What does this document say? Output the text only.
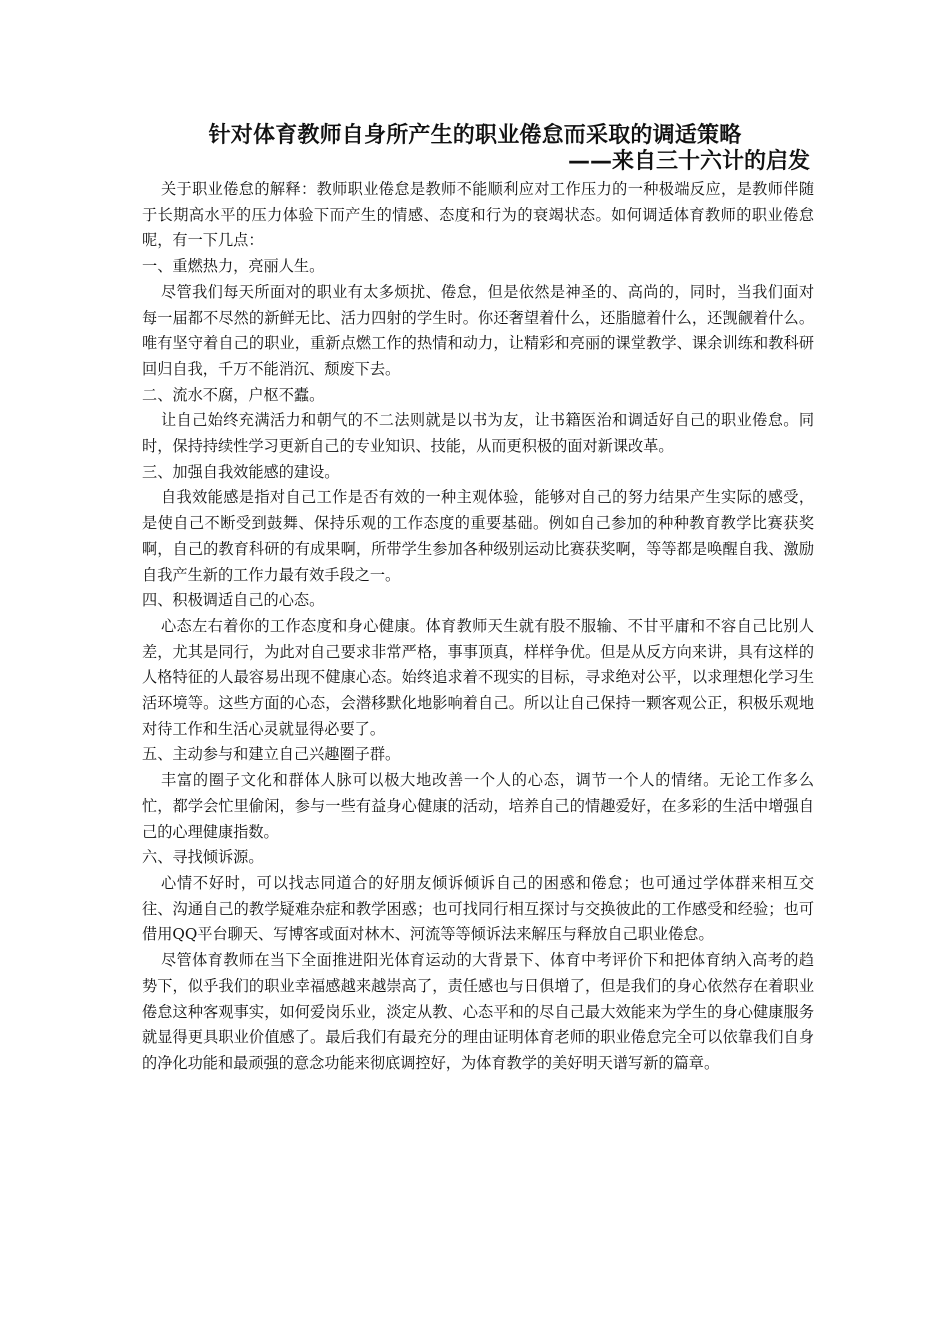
针对体育教师自身所产生的职业倦怠而采取的调适策略
——来自三十六计的启发

关于职业倦怠的解释：教师职业倦怠是教师不能顺利应对工作压力的一种极端反应，是教师伴随于长期高水平的压力体验下而产生的情感、态度和行为的衰竭状态。如何调适体育教师的职业倦怠呢，有一下几点：

一、重燃热力，亮丽人生。

尽管我们每天所面对的职业有太多烦扰、倦怠，但是依然是神圣的、高尚的，同时，当我们面对每一届都不尽然的新鲜无比、活力四射的学生时。你还奢望着什么，还脂臆着什么，还觊觎着什么。唯有坚守着自己的职业，重新点燃工作的热情和动力，让精彩和亮丽的课堂教学、课余训练和教科研回归自我，千万不能消沉、颓废下去。

二、流水不腐，户枢不蠹。

让自己始终充满活力和朝气的不二法则就是以书为友，让书籍医治和调适好自己的职业倦怠。同时，保持持续性学习更新自己的专业知识、技能，从而更积极的面对新课改革。

三、加强自我效能感的建设。

自我效能感是指对自己工作是否有效的一种主观体验，能够对自己的努力结果产生实际的感受，是使自己不断受到鼓舞、保持乐观的工作态度的重要基础。例如自己参加的种种教育教学比赛获奖啊，自己的教育科研的有成果啊，所带学生参加各种级别运动比赛获奖啊，等等都是唤醒自我、激励自我产生新的工作力最有效手段之一。

四、积极调适自己的心态。

心态左右着你的工作态度和身心健康。体育教师天生就有股不服输、不甘平庸和不容自己比别人差，尤其是同行，为此对自己要求非常严格，事事顶真，样样争优。但是从反方向来讲，具有这样的人格特征的人最容易出现不健康心态。始终追求着不现实的目标，寻求绝对公平，以求理想化学习生活环境等。这些方面的心态，会潜移默化地影响着自己。所以让自己保持一颗客观公正，积极乐观地对待工作和生活心灵就显得必要了。

五、主动参与和建立自己兴趣圈子群。

丰富的圈子文化和群体人脉可以极大地改善一个人的心态，调节一个人的情绪。无论工作多么忙，都学会忙里偷闲，参与一些有益身心健康的活动，培养自己的情趣爱好，在多彩的生活中增强自己的心理健康指数。

六、寻找倾诉源。

心情不好时，可以找志同道合的好朋友倾诉倾诉自己的困惑和倦怠；也可通过学体群来相互交往、沟通自己的教学疑难杂症和教学困惑；也可找同行相互探讨与交换彼此的工作感受和经验；也可借用QQ平台聊天、写博客或面对林木、河流等等倾诉法来解压与释放自己职业倦怠。

尽管体育教师在当下全面推进阳光体育运动的大背景下、体育中考评价下和把体育纳入高考的趋势下，似乎我们的职业幸福感越来越崇高了，责任感也与日俱增了，但是我们的身心依然存在着职业倦怠这种客观事实，如何爱岗乐业，淡定从教、心态平和的尽自己最大效能来为学生的身心健康服务就显得更具职业价值感了。最后我们有最充分的理由证明体育老师的职业倦怠完全可以依靠我们自身的净化功能和最顽强的意念功能来彻底调控好，为体育教学的美好明天谱写新的篇章。
